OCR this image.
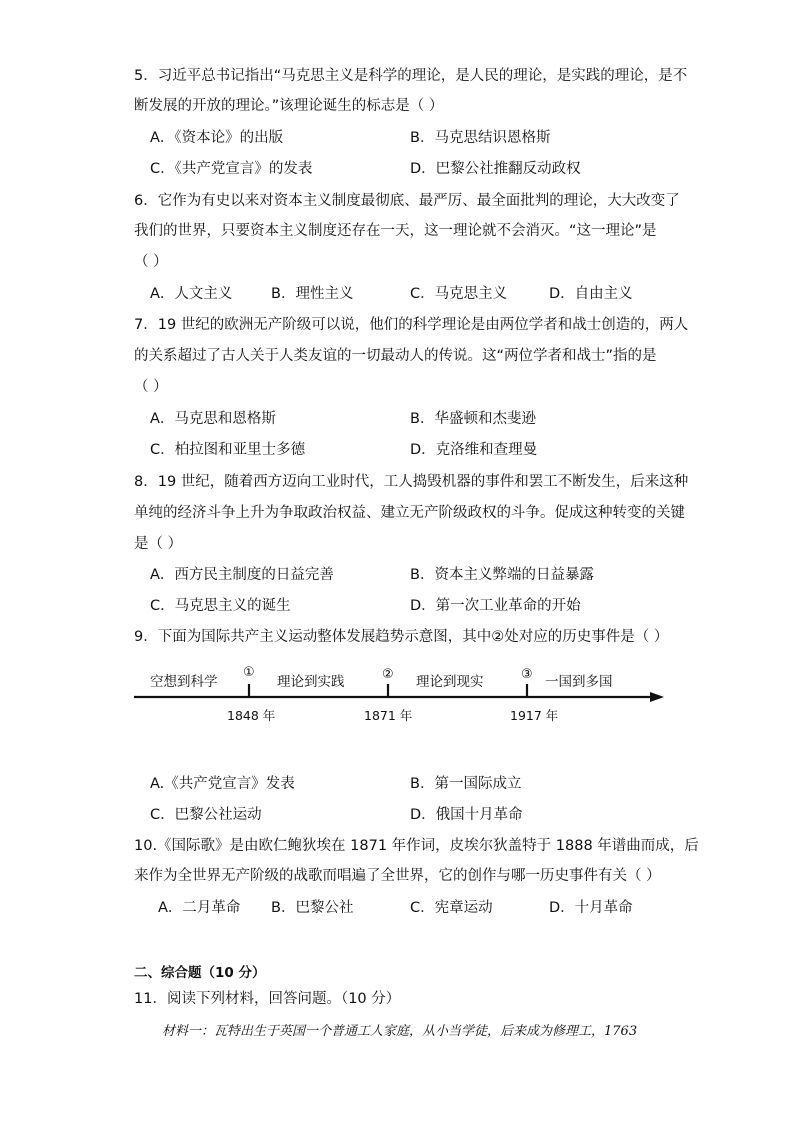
5．习近平总书记指出“马克思主义是科学的理论，是人民的理论，是实践的理论，是不
断发展的开放的理论。”该理论诞生的标志是（ ）
A．《资本论》的出版	B．马克思结识恩格斯
C．《共产党宣言》的发表	D．巴黎公社推翻反动政权
6．它作为有史以来对资本主义制度最彻底、最严厉、最全面批判的理论，大大改变了
我们的世界，只要资本主义制度还存在一天，这一理论就不会消灭。“这一理论”是
（ ）
A．人文主义	B．理性主义	C．马克思主义	D．自由主义
7．19 世纪的欧洲无产阶级可以说，他们的科学理论是由两位学者和战士创造的，两人
的关系超过了古人关于人类友谊的一切最动人的传说。这“两位学者和战士”指的是
（ ）
A．马克思和恩格斯	B．华盛顿和杰斐逊
C．柏拉图和亚里士多德	D．克洛维和查理曼
8．19 世纪，随着西方迈向工业时代，工人捣毁机器的事件和罢工不断发生，后来这种
单纯的经济斗争上升为争取政治权益、建立无产阶级政权的斗争。促成这种转变的关键
是（ ）
A．西方民主制度的日益完善	B．资本主义弊端的日益暴露
C．马克思主义的诞生	D．第一次工业革命的开始
9．下面为国际共产主义运动整体发展趋势示意图，其中②处对应的历史事件是（ ）
空想到科学	理论到实践	理论到现实	一国到多国
①	②	③
1848 年	1871 年	1917 年
A.《共产党宣言》发表	B．第一国际成立
C．巴黎公社运动	D．俄国十月革命
10.《国际歌》是由欧仁鲍狄埃在 1871 年作词，皮埃尔狄盖特于 1888 年谱曲而成，后
来作为全世界无产阶级的战歌而唱遍了全世界，它的创作与哪一历史事件有关（ ）
A．二月革命 B．巴黎公社	C．宪章运动	D．十月革命
二、综合题（10 分）
11．阅读下列材料，回答问题。（10 分）
材料一：瓦特出生于英国一个普通工人家庭，从小当学徒，后来成为修理工，1763
